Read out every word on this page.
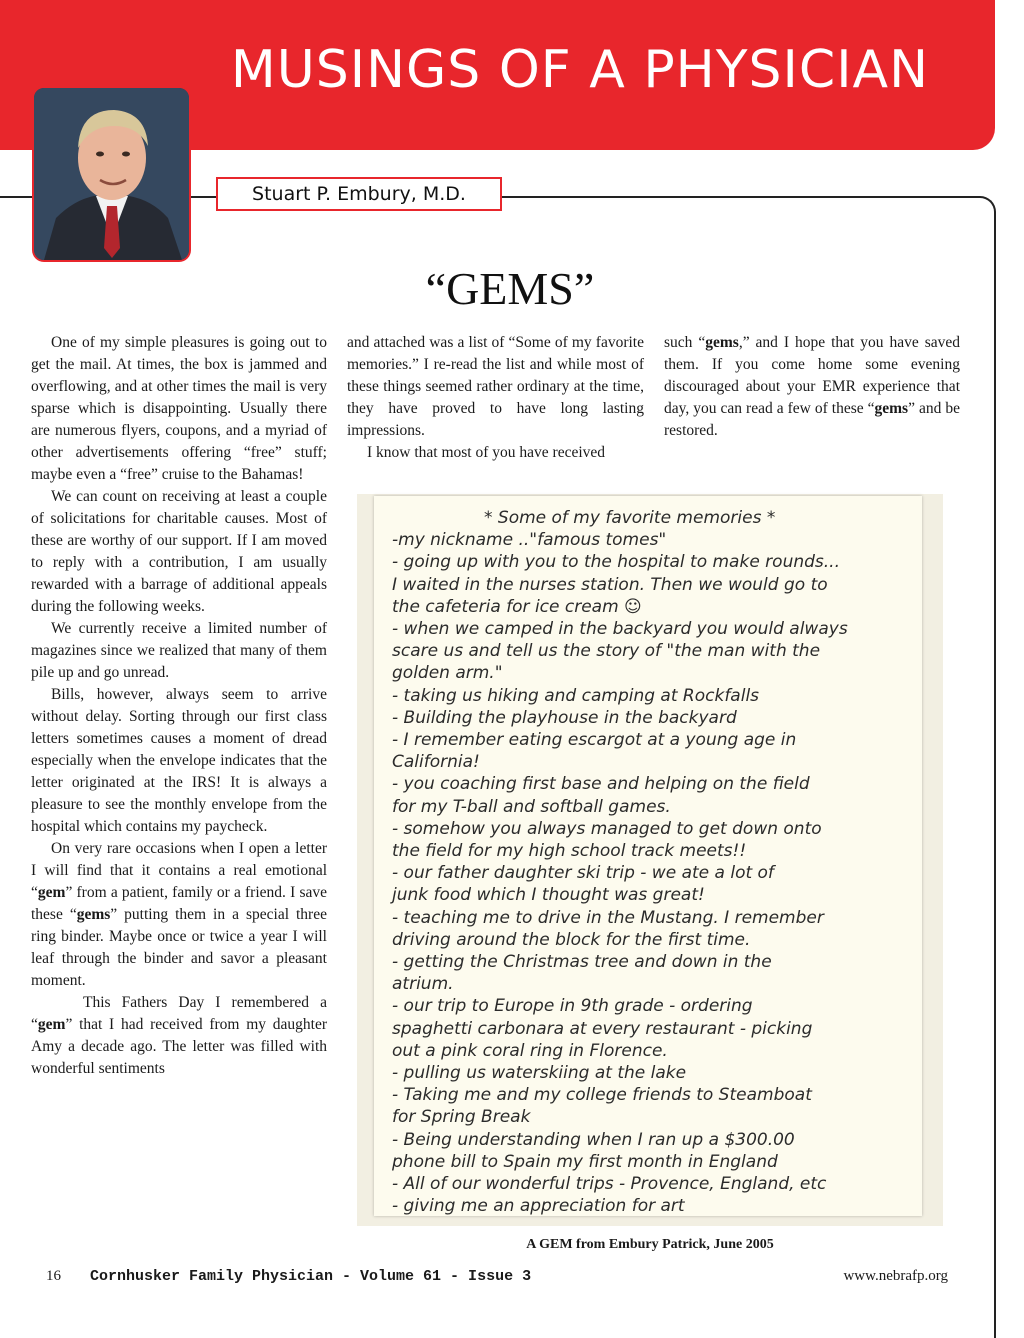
MUSINGS OF A PHYSICIAN
Stuart P. Embury, M.D.
“GEMS”

One of my simple pleasures is going out to get the mail. At times, the box is jammed and overflowing, and at other times the mail is very sparse which is disappointing. Usually there are numerous flyers, coupons, and a myriad of other advertisements offering “free” stuff; maybe even a “free” cruise to the Bahamas!

We can count on receiving at least a couple of solicitations for charitable causes. Most of these are worthy of our support. If I am moved to reply with a contribution, I am usually rewarded with a barrage of additional appeals during the following weeks.

We currently receive a limited number of magazines since we realized that many of them pile up and go unread.

Bills, however, always seem to arrive without delay. Sorting through our first class letters sometimes causes a moment of dread especially when the envelope indicates that the letter originated at the IRS! It is always a pleasure to see the monthly envelope from the hospital which contains my paycheck.

On very rare occasions when I open a letter I will find that it contains a real emotional “gem” from a patient, family or a friend. I save these “gems” putting them in a special three ring binder. Maybe once or twice a year I will leaf through the binder and savor a pleasant moment.

This Fathers Day I remembered a “gem” that I had received from my daughter Amy a decade ago. The letter was filled with wonderful sentiments

and attached was a list of “Some of my favorite memories.” I re-read the list and while most of these things seemed rather ordinary at the time, they have proved to have long lasting impressions.

I know that most of you have received

such “gems,” and I hope that you have saved them. If you come home some evening discouraged about your EMR experience that day, you can read a few of these “gems” and be restored.

* Some of my favorite memories *
-my nickname .."famous tomes"
- going up with you to the hospital to make rounds...
I waited in the nurses station. Then we would go to
the cafeteria for ice cream ☺
- when we camped in the backyard you would always
scare us and tell us the story of "the man with the
golden arm."
- taking us hiking and camping at Rockfalls
- Building the playhouse in the backyard
- I remember eating escargot at a young age in
California!
- you coaching first base and helping on the field
for my T-ball and softball games.
- somehow you always managed to get down onto
the field for my high school track meets!!
- our father daughter ski trip - we ate a lot of
junk food which I thought was great!
- teaching me to drive in the Mustang. I remember
driving around the block for the first time.
- getting the Christmas tree and down in the
atrium.
- our trip to Europe in 9th grade - ordering
spaghetti carbonara at every restaurant - picking
out a pink coral ring in Florence.
- pulling us waterskiing at the lake
- Taking me and my college friends to Steamboat
for Spring Break
- Being understanding when I ran up a $300.00
phone bill to Spain my first month in England
- All of our wonderful trips - Provence, England, etc
- giving me an appreciation for art
A GEM from Embury Patrick, June 2005
16 Cornhusker Family Physician - Volume 61 - Issue 3	www.nebrafp.org
